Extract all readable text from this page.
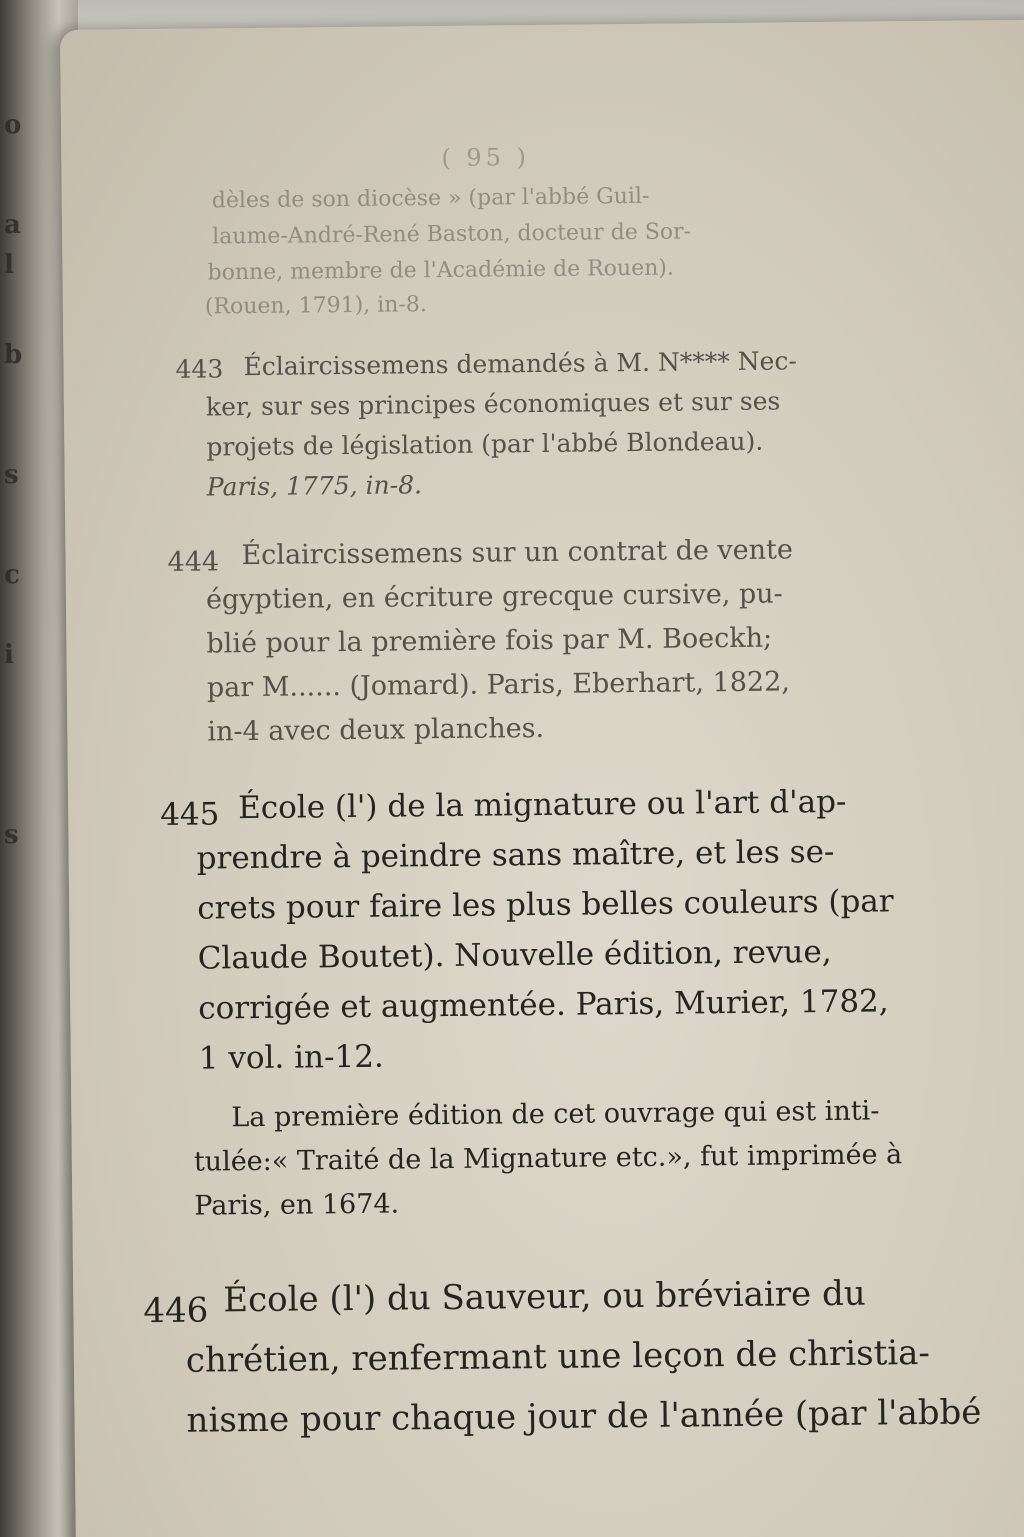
o
a
l
b
s
c
i
s
( 95 )
dèles de son diocèse » (par l'abbé Guil-
laume-André-René Baston, docteur de Sor-
bonne, membre de l'Académie de Rouen).
(Rouen, 1791), in-8.
443 Éclaircissemens demandés à M. N**** Nec-
ker, sur ses principes économiques et sur ses
projets de législation (par l'abbé Blondeau).
Paris, 1775, in-8.
444 Éclaircissemens sur un contrat de vente
égyptien, en écriture grecque cursive, pu-
blié pour la première fois par M. Boeckh;
par M...... (Jomard). Paris, Eberhart, 1822,
in-4 avec deux planches.
445 École (l') de la mignature ou l'art d'ap-
prendre à peindre sans maître, et les se-
crets pour faire les plus belles couleurs (par
Claude Boutet). Nouvelle édition, revue,
corrigée et augmentée. Paris, Murier, 1782,
1 vol. in-12.
La première édition de cet ouvrage qui est inti-
tulée:« Traité de la Mignature etc.», fut imprimée à
Paris, en 1674.
446 École (l') du Sauveur, ou bréviaire du
chrétien, renfermant une leçon de christia-
nisme pour chaque jour de l'année (par l'abbé
